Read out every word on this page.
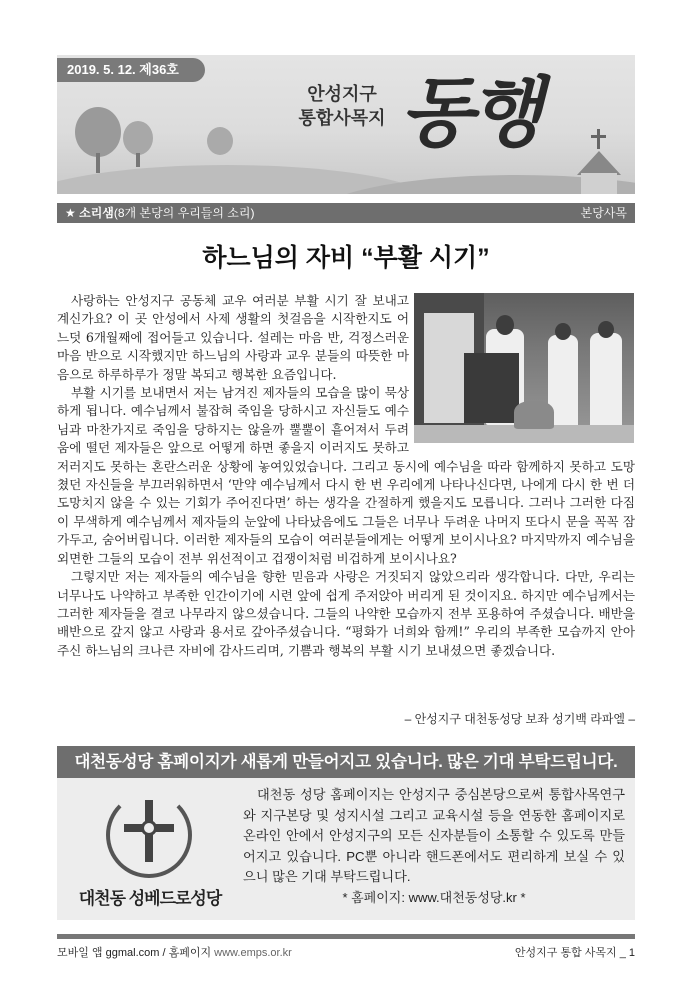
2019. 5. 12. 제36호
안성지구
통합사목지 동행
★ 소리샘(8개 본당의 우리들의 소리)	본당사목
하느님의 자비 “부활 시기”

사랑하는 안성지구 공동체 교우 여러분 부활 시기 잘 보내고 계신가요? 이 곳 안성에서 사제 생활의 첫걸음을 시작한지도 어느덧 6개월째에 접어들고 있습니다. 설레는 마음 반, 걱정스러운 마음 반으로 시작했지만 하느님의 사랑과 교우 분들의 따뜻한 마음으로 하루하루가 정말 복되고 행복한 요즘입니다.

부활 시기를 보내면서 저는 남겨진 제자들의 모습을 많이 묵상하게 됩니다. 예수님께서 불잡혀 죽임을 당하시고 자신들도 예수님과 마찬가지로 죽임을 당하지는 않을까 뿔뿔이 흩어져서 두려움에 떨던 제자들은 앞으로 어떻게 하면 좋을지 이러지도 못하고 저러지도 못하는 혼란스러운 상황에 놓여있었습니다. 그리고 동시에 예수님을 따라 함께하지 못하고 도망쳤던 자신들을 부끄러워하면서 ‘만약 예수님께서 다시 한 번 우리에게 나타나신다면, 나에게 다시 한 번 더 도망치지 않을 수 있는 기회가 주어진다면’ 하는 생각을 간절하게 했을지도 모릅니다. 그러나 그러한 다짐이 무색하게 예수님께서 제자들의 눈앞에 나타났음에도 그들은 너무나 두려운 나머지 또다시 문을 꼭꼭 잠가두고, 숨어버립니다. 이러한 제자들의 모습이 여러분들에게는 어떻게 보이시나요? 마지막까지 예수님을 외면한 그들의 모습이 전부 위선적이고 겁쟁이처럼 비겁하게 보이시나요?

그렇지만 저는 제자들의 예수님을 향한 믿음과 사랑은 거짓되지 않았으리라 생각합니다. 다만, 우리는 너무나도 나약하고 부족한 인간이기에 시련 앞에 쉽게 주저앉아 버리게 된 것이지요. 하지만 예수님께서는 그러한 제자들을 결코 나무라지 않으셨습니다. 그들의 나약한 모습까지 전부 포용하여 주셨습니다. 배반을 배반으로 갚지 않고 사랑과 용서로 갚아주셨습니다. “평화가 너희와 함께!” 우리의 부족한 모습까지 안아주신 하느님의 크나큰 자비에 감사드리며, 기쁨과 행복의 부활 시기 보내셨으면 좋겠습니다.

– 안성지구 대천동성당 보좌 성기백 라파엘 –
대천동성당 홈페이지가 새롭게 만들어지고 있습니다. 많은 기대 부탁드립니다.
대천동 성베드로성당

대천동 성당 홈페이지는 안성지구 중심본당으로써 통합사목연구와 지구본당 및 성지시설 그리고 교육시설 등을 연동한 홈페이지로 온라인 안에서 안성지구의 모든 신자분들이 소통할 수 있도록 만들어지고 있습니다. PC뿐 아니라 핸드폰에서도 편리하게 보실 수 있으니 많은 기대 부탁드립니다.

* 홈페이지: www.대천동성당.kr *
모바일 앱 ggmal.com / 홈페이지 www.emps.or.kr	안성지구 통합 사목지 _ 1
